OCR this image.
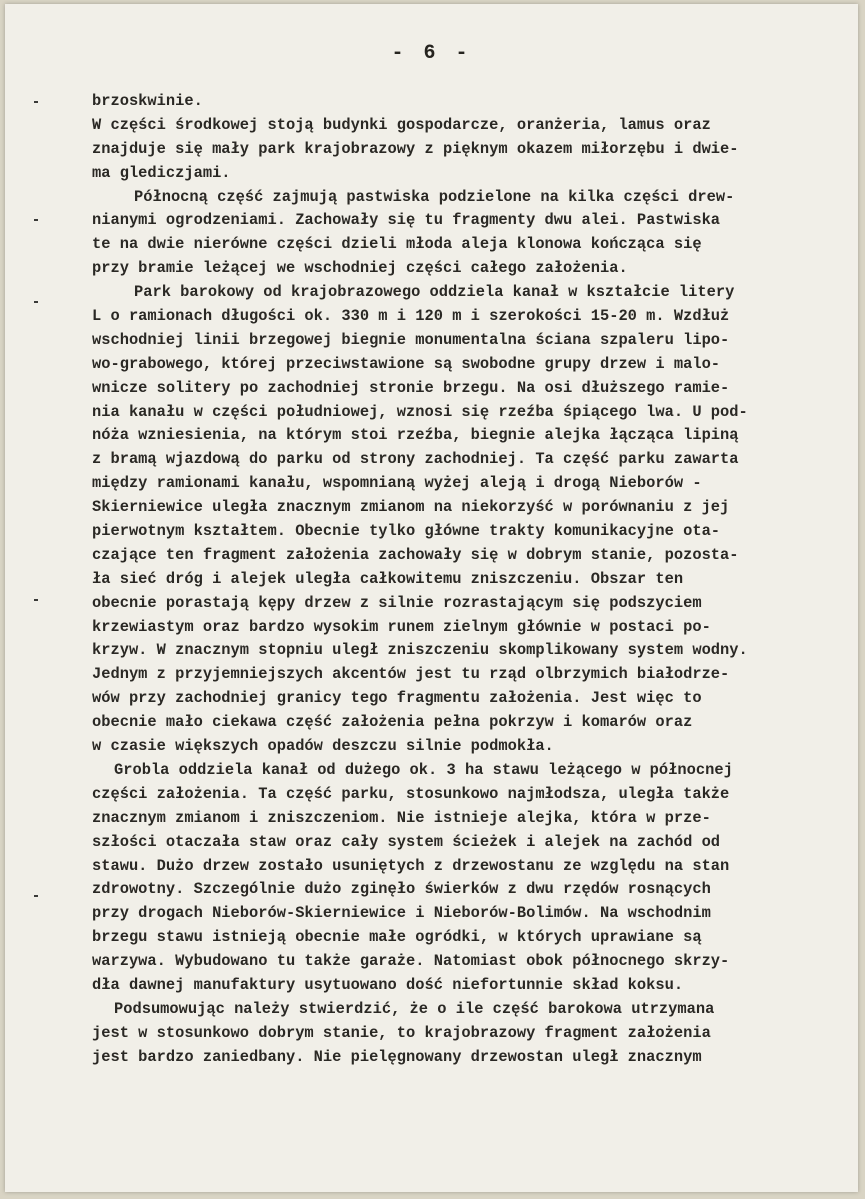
- 6 -
brzoskwinie.
W części środkowej stoją budynki gospodarcze, oranżeria, lamus oraz
znajduje się mały park krajobrazowy z pięknym okazem miłorzębu i dwie-
ma glediczjami.
Północną część zajmują pastwiska podzielone na kilka części drew-
nianymi ogrodzeniami. Zachowały się tu fragmenty dwu alei. Pastwiska
te na dwie nierówne części dzieli młoda aleja klonowa kończąca się
przy bramie leżącej we wschodniej części całego założenia.
Park barokowy od krajobrazowego oddziela kanał w kształcie litery
L o ramionach długości ok. 330 m i 120 m i szerokości 15-20 m. Wzdłuż
wschodniej linii brzegowej biegnie monumentalna ściana szpaleru lipo-
wo-grabowego, której przeciwstawione są swobodne grupy drzew i malo-
wnicze solitery po zachodniej stronie brzegu. Na osi dłuższego ramie-
nia kanału w części południowej, wznosi się rzeźba śpiącego lwa. U pod-
nóża wzniesienia, na którym stoi rzeźba, biegnie alejka łącząca lipiną
z bramą wjazdową do parku od strony zachodniej. Ta część parku zawarta
między ramionami kanału, wspomnianą wyżej aleją i drogą Nieborów -
Skierniewice uległa znacznym zmianom na niekorzyść w porównaniu z jej
pierwotnym kształtem. Obecnie tylko główne trakty komunikacyjne ota-
czające ten fragment założenia zachowały się w dobrym stanie, pozosta-
ła sieć dróg i alejek uległa całkowitemu zniszczeniu. Obszar ten
obecnie porastają kępy drzew z silnie rozrastającym się podszyciem
krzewiastym oraz bardzo wysokim runem zielnym głównie w postaci po-
krzyw. W znacznym stopniu uległ zniszczeniu skomplikowany system wodny.
Jednym z przyjemniejszych akcentów jest tu rząd olbrzymich białodrze-
wów przy zachodniej granicy tego fragmentu założenia. Jest więc to
obecnie mało ciekawa część założenia pełna pokrzyw i komarów oraz
w czasie większych opadów deszczu silnie podmokła.
Grobla oddziela kanał od dużego ok. 3 ha stawu leżącego w północnej
części założenia. Ta część parku, stosunkowo najmłodsza, uległa także
znacznym zmianom i zniszczeniom. Nie istnieje alejka, która w prze-
szłości otaczała staw oraz cały system ścieżek i alejek na zachód od
stawu. Dużo drzew zostało usuniętych z drzewostanu ze względu na stan
zdrowotny. Szczególnie dużo zginęło świerków z dwu rzędów rosnących
przy drogach Nieborów-Skierniewice i Nieborów-Bolimów. Na wschodnim
brzegu stawu istnieją obecnie małe ogródki, w których uprawiane są
warzywa. Wybudowano tu także garaże. Natomiast obok północnego skrzy-
dła dawnej manufaktury usytuowano dość niefortunnie skład koksu.
Podsumowując należy stwierdzić, że o ile część barokowa utrzymana
jest w stosunkowo dobrym stanie, to krajobrazowy fragment założenia
jest bardzo zaniedbany. Nie pielęgnowany drzewostan uległ znacznym
